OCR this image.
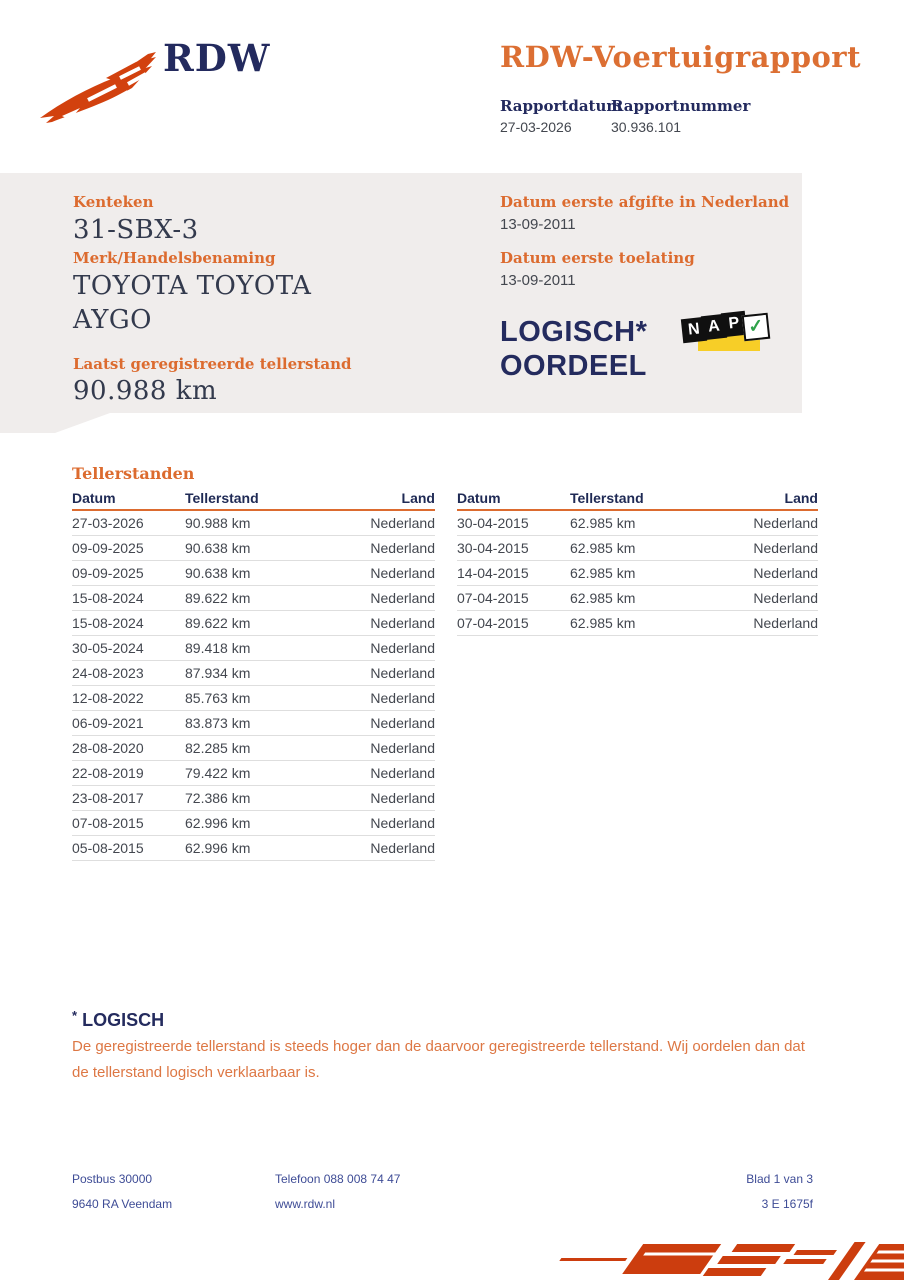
RDW	RDW-Voertuigrapport
Rapportdatum
27-03-2026
Rapportnummer
30.936.101
Kenteken
31-SBX-3
Merk/Handelsbenaming
TOYOTA TOYOTA AYGO
Laatst geregistreerde tellerstand
90.988 km
Datum eerste afgifte in Nederland
13-09-2011
Datum eerste toelating
13-09-2011
LOGISCH*
OORDEEL
N A P ✓
Tellerstanden
Datum	Tellerstand	Land
27-03-2026	90.988 km	Nederland
09-09-2025	90.638 km	Nederland
09-09-2025	90.638 km	Nederland
15-08-2024	89.622 km	Nederland
15-08-2024	89.622 km	Nederland
30-05-2024	89.418 km	Nederland
24-08-2023	87.934 km	Nederland
12-08-2022	85.763 km	Nederland
06-09-2021	83.873 km	Nederland
28-08-2020	82.285 km	Nederland
22-08-2019	79.422 km	Nederland
23-08-2017	72.386 km	Nederland
07-08-2015	62.996 km	Nederland
05-08-2015	62.996 km	Nederland
Datum	Tellerstand	Land
30-04-2015	62.985 km	Nederland
30-04-2015	62.985 km	Nederland
14-04-2015	62.985 km	Nederland
07-04-2015	62.985 km	Nederland
07-04-2015	62.985 km	Nederland
* LOGISCH
De geregistreerde tellerstand is steeds hoger dan de daarvoor geregistreerde tellerstand. Wij oordelen dan dat de tellerstand logisch verklaarbaar is.
Postbus 30000
9640 RA Veendam
Telefoon 088 008 74 47
www.rdw.nl
Blad 1 van 3
3 E 1675f
